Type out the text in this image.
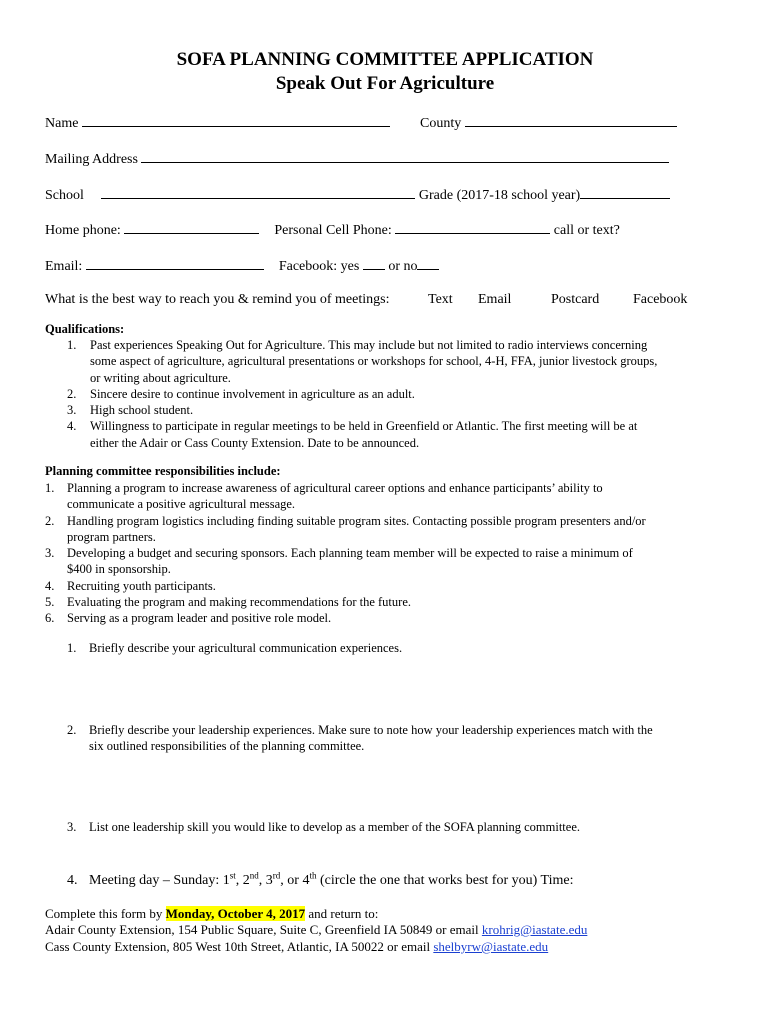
SOFA PLANNING COMMITTEE APPLICATION
Speak Out For Agriculture
Name	County
Mailing Address
School	Grade (2017-18 school year)
Home phone:	Personal Cell Phone:	call or text?
Email:	Facebook: yes or no
What is the best way to reach you & remind you of meetings:	Text Email	Postcard Facebook
Qualifications:
1. Past experiences Speaking Out for Agriculture. This may include but not limited to radio interviews concerning
some aspect of agriculture, agricultural presentations or workshops for school, 4-H, FFA, junior livestock groups,
or writing about agriculture.
2. Sincere desire to continue involvement in agriculture as an adult.
3. High school student.
4. Willingness to participate in regular meetings to be held in Greenfield or Atlantic. The first meeting will be at
either the Adair or Cass County Extension. Date to be announced.
Planning committee responsibilities include:
1. Planning a program to increase awareness of agricultural career options and enhance participants’ ability to
communicate a positive agricultural message.
2. Handling program logistics including finding suitable program sites. Contacting possible program presenters and/or
program partners.
3. Developing a budget and securing sponsors. Each planning team member will be expected to raise a minimum of
$400 in sponsorship.
4. Recruiting youth participants.
5. Evaluating the program and making recommendations for the future.
6. Serving as a program leader and positive role model.
1. Briefly describe your agricultural communication experiences.
2. Briefly describe your leadership experiences. Make sure to note how your leadership experiences match with the
six outlined responsibilities of the planning committee.
3. List one leadership skill you would like to develop as a member of the SOFA planning committee.
4. Meeting day – Sunday: 1st, 2nd, 3rd, or 4th (circle the one that works best for you) Time:
Complete this form by Monday, October 4, 2017 and return to:
Adair County Extension, 154 Public Square, Suite C, Greenfield IA 50849 or email krohrig@iastate.edu
Cass County Extension, 805 West 10th Street, Atlantic, IA 50022 or email shelbyrw@iastate.edu
